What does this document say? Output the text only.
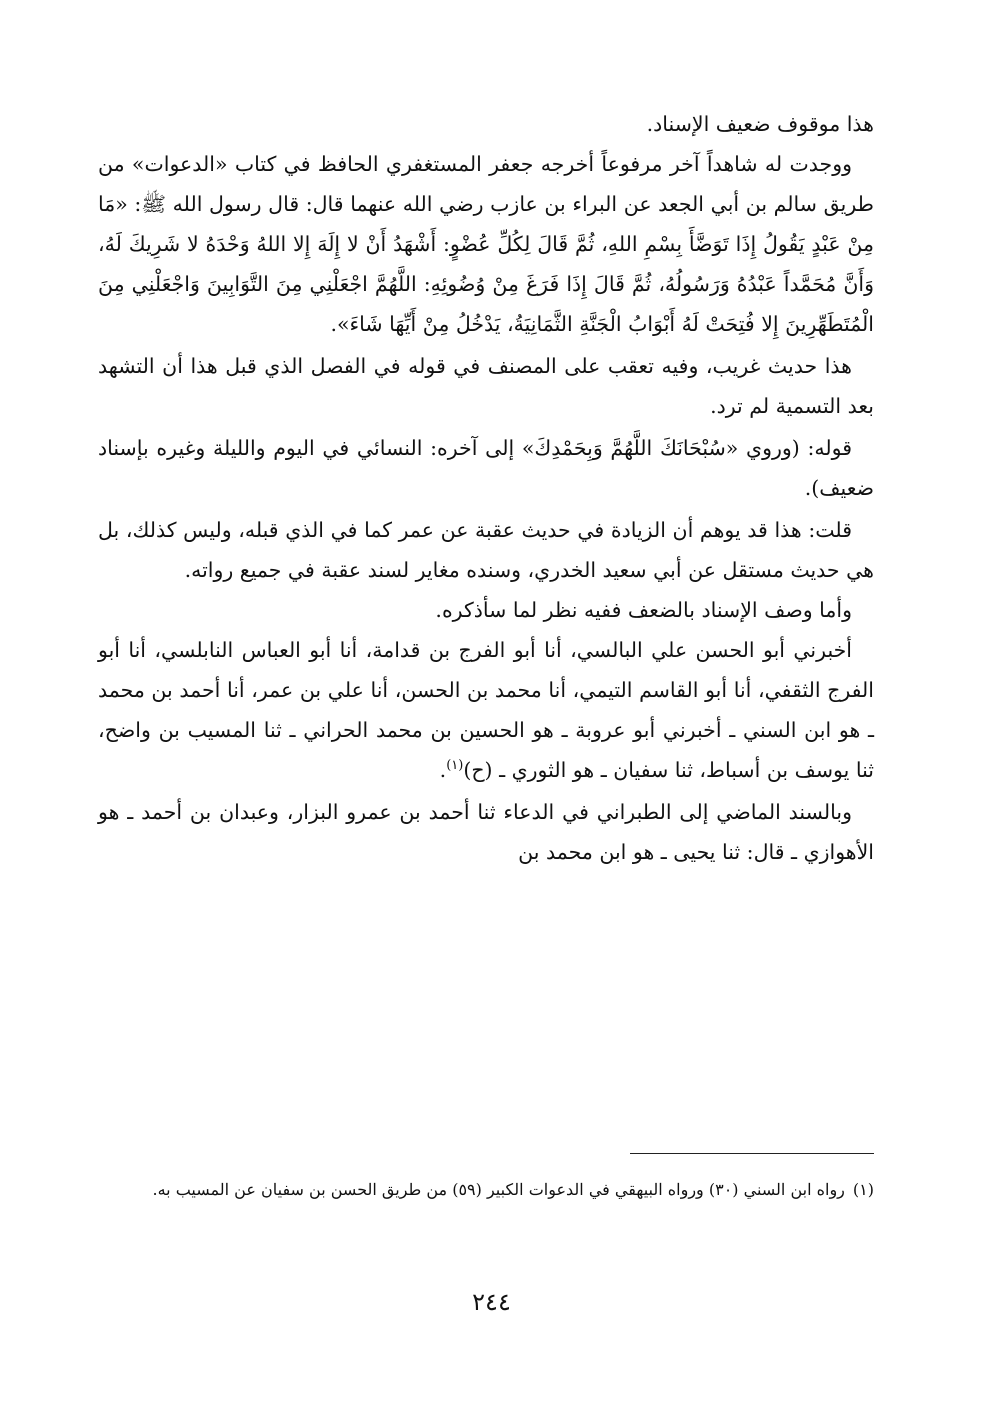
هذا موقوف ضعيف الإسناد.

ووجدت له شاهداً آخر مرفوعاً أخرجه جعفر المستغفري الحافظ في كتاب «الدعوات» من طريق سالم بن أبي الجعد عن البراء بن عازب رضي الله عنهما قال: قال رسول الله ﷺ: «مَا مِنْ عَبْدٍ يَقُولُ إِذَا تَوَضَّأَ بِسْمِ اللهِ، ثُمَّ قَالَ لِكُلِّ عُضْوٍ: أَشْهَدُ أَنْ لا إِلَهَ إِلا اللهُ وَحْدَهُ لا شَرِيكَ لَهُ، وَأَنَّ مُحَمَّداً عَبْدُهُ وَرَسُولُهُ، ثُمَّ قَالَ إِذَا فَرَغَ مِنْ وُضُوئِهِ: اللَّهُمَّ اجْعَلْنِي مِنَ التَّوَابِينَ وَاجْعَلْنِي مِنَ الْمُتَطَهِّرِينَ إِلا فُتِحَتْ لَهُ أَبْوَابُ الْجَنَّةِ الثَّمَانِيَةُ، يَدْخُلُ مِنْ أَيِّهَا شَاءَ».

هذا حديث غريب، وفيه تعقب على المصنف في قوله في الفصل الذي قبل هذا أن التشهد بعد التسمية لم ترد.

قوله: (وروي «سُبْحَانَكَ اللَّهُمَّ وَبِحَمْدِكَ» إلى آخره: النسائي في اليوم والليلة وغيره بإسناد ضعيف).

قلت: هذا قد يوهم أن الزيادة في حديث عقبة عن عمر كما في الذي قبله، وليس كذلك، بل هي حديث مستقل عن أبي سعيد الخدري، وسنده مغاير لسند عقبة في جميع رواته.

وأما وصف الإسناد بالضعف ففيه نظر لما سأذكره.

أخبرني أبو الحسن علي البالسي، أنا أبو الفرج بن قدامة، أنا أبو العباس النابلسي، أنا أبو الفرج الثقفي، أنا أبو القاسم التيمي، أنا محمد بن الحسن، أنا علي بن عمر، أنا أحمد بن محمد ـ هو ابن السني ـ أخبرني أبو عروبة ـ هو الحسين بن محمد الحراني ـ ثنا المسيب بن واضح، ثنا يوسف بن أسباط، ثنا سفيان ـ هو الثوري ـ (ح)$^{(١)}$.

وبالسند الماضي إلى الطبراني في الدعاء ثنا أحمد بن عمرو البزار، وعبدان بن أحمد ـ هو الأهوازي ـ قال: ثنا يحيى ـ هو ابن محمد بن

(١)رواه ابن السني (٣٠) ورواه البيهقي في الدعوات الكبير (٥٩) من طريق الحسن بن سفيان عن المسيب به.
٢٤٤
